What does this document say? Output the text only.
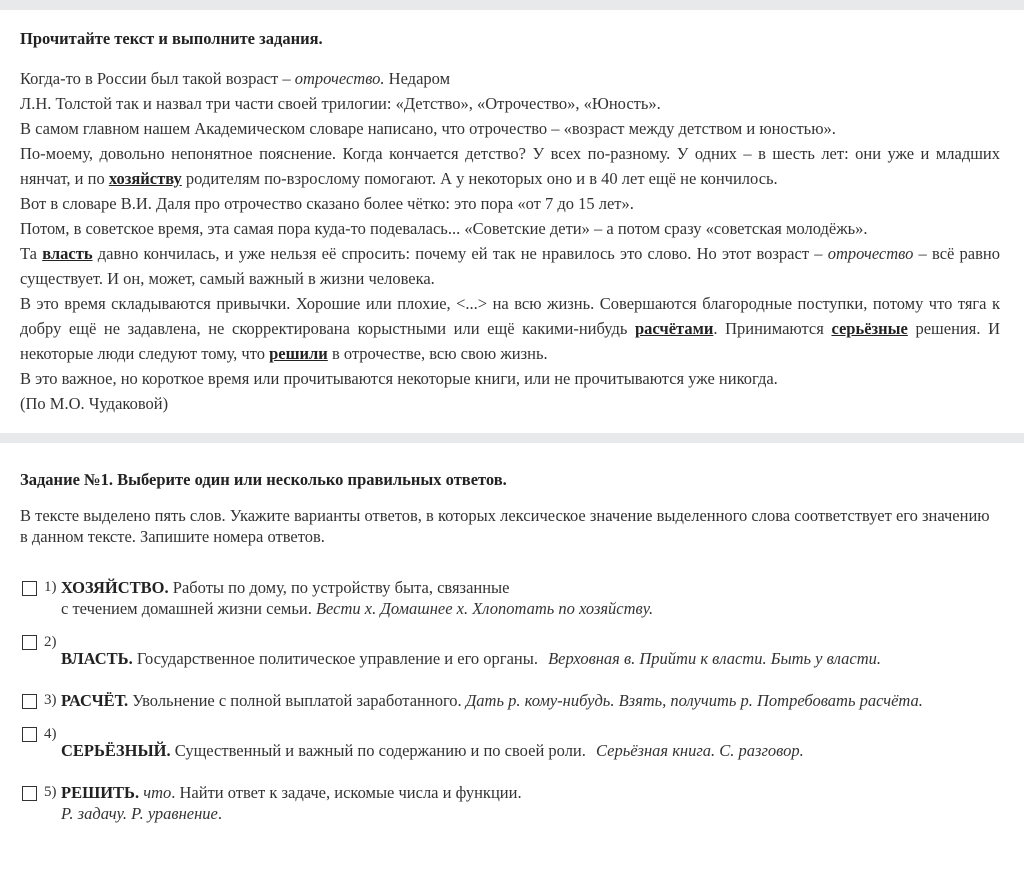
Прочитайте текст и выполните задания.

Когда-то в России был такой возраст – отрочество. Недаром

Л.Н. Толстой так и назвал три части своей трилогии: «Детство», «Отрочество», «Юность».

В самом главном нашем Академическом словаре написано, что отрочество – «возраст между детством и юностью».

По-моему, довольно непонятное пояснение. Когда кончается детство? У всех по-разному. У одних – в шесть лет: они уже и младших нянчат, и по хозяйству родителям по-взрослому помогают. А у некоторых оно и в 40 лет ещё не кончилось.

Вот в словаре В.И. Даля про отрочество сказано более чётко: это пора «от 7 до 15 лет».

Потом, в советское время, эта самая пора куда-то подевалась... «Советские дети» – а потом сразу «советская молодёжь».

Та власть давно кончилась, и уже нельзя её спросить: почему ей так не нравилось это слово. Но этот возраст – отрочество – всё равно существует. И он, может, самый важный в жизни человека.

В это время складываются привычки. Хорошие или плохие, <...> на всю жизнь. Совершаются благородные поступки, потому что тяга к добру ещё не задавлена, не скорректирована корыстными или ещё какими-нибудь расчётами. Принимаются серьёзные решения. И некоторые люди следуют тому, что решили в отрочестве, всю свою жизнь.

В это важное, но короткое время или прочитываются некоторые книги, или не прочитываются уже никогда.

(По М.О. Чудаковой)

Задание №1. Выберите один или несколько правильных ответов.
В тексте выделено пять слов. Укажите варианты ответов, в которых лексическое значение выделенного слова соответствует его значению
в данном тексте. Запишите номера ответов.
1) ХОЗЯЙСТВО. Работы по дому, по устройству быта, связанные
с течением домашней жизни семьи. Вести х. Домашнее х. Хлопотать по хозяйству.
2)
ВЛАСТЬ. Государственное политическое управление и его органы. Верховная в. Прийти к власти. Быть у власти.
3) РАСЧЁТ. Увольнение с полной выплатой заработанного. Дать р. кому-нибудь. Взять, получить р. Потребовать расчёта.
4)
СЕРЬЁЗНЫЙ. Существенный и важный по содержанию и по своей роли. Серьёзная книга. С. разговор.
5) РЕШИТЬ. что. Найти ответ к задаче, искомые числа и функции.
Р. задачу. Р. уравнение.
